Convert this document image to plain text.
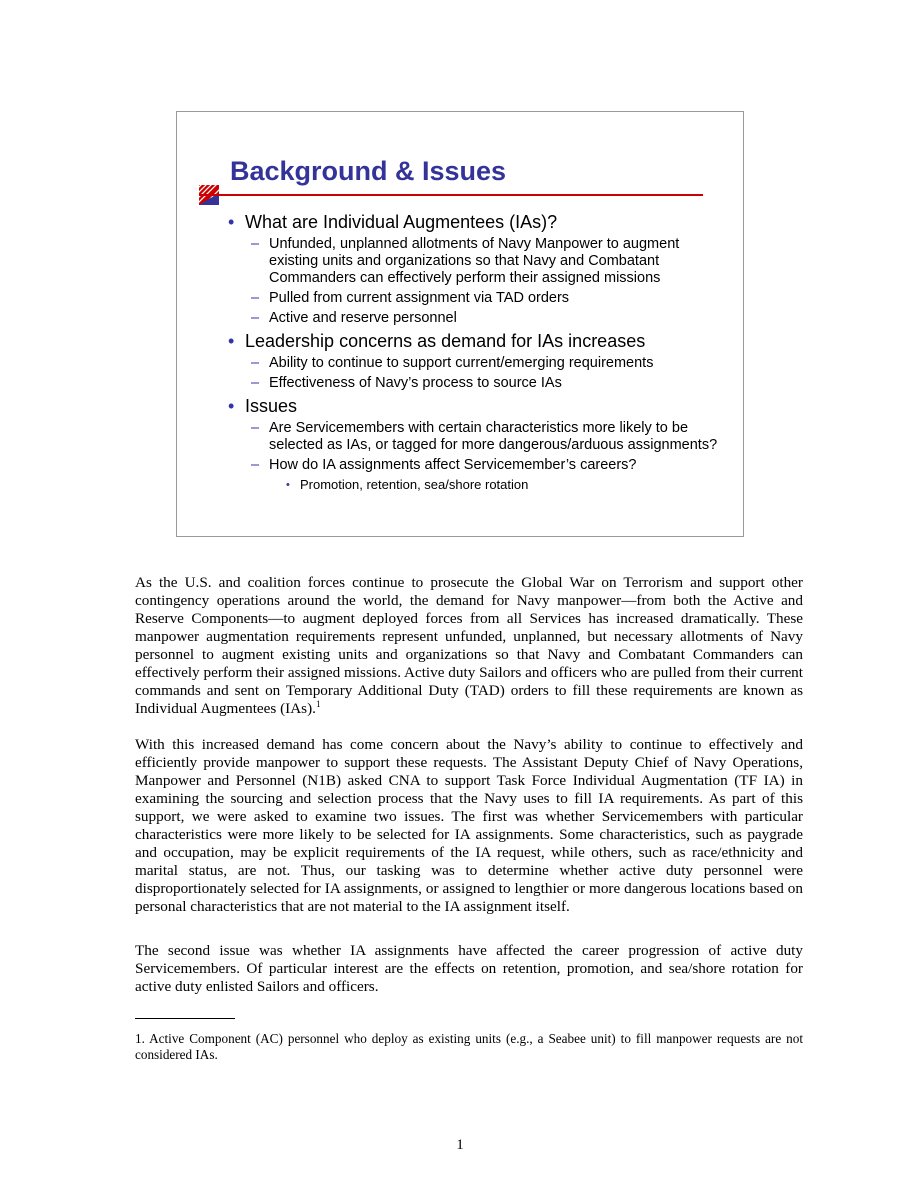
Background & Issues
• What are Individual Augmentees (IAs)?
– Unfunded, unplanned allotments of Navy Manpower to augment existing units and organizations so that Navy and Combatant Commanders can effectively perform their assigned missions
– Pulled from current assignment via TAD orders
– Active and reserve personnel
• Leadership concerns as demand for IAs increases
– Ability to continue to support current/emerging requirements
– Effectiveness of Navy’s process to source IAs
• Issues
– Are Servicemembers with certain characteristics more likely to be selected as IAs, or tagged for more dangerous/arduous assignments?
– How do IA assignments affect Servicemember’s careers?
• Promotion, retention, sea/shore rotation
As the U.S. and coalition forces continue to prosecute the Global War on Terrorism and support other contingency operations around the world, the demand for Navy manpower—from both the Active and Reserve Components—to augment deployed forces from all Services has increased dramatically. These manpower augmentation requirements represent unfunded, unplanned, but necessary allotments of Navy personnel to augment existing units and organizations so that Navy and Combatant Commanders can effectively perform their assigned missions. Active duty Sailors and officers who are pulled from their current commands and sent on Temporary Additional Duty (TAD) orders to fill these requirements are known as Individual Augmentees (IAs).$^1$
With this increased demand has come concern about the Navy’s ability to continue to effectively and efficiently provide manpower to support these requests. The Assistant Deputy Chief of Navy Operations, Manpower and Personnel (N1B) asked CNA to support Task Force Individual Augmentation (TF IA) in examining the sourcing and selection process that the Navy uses to fill IA requirements. As part of this support, we were asked to examine two issues. The first was whether Servicemembers with particular characteristics were more likely to be selected for IA assignments. Some characteristics, such as paygrade and occupation, may be explicit requirements of the IA request, while others, such as race/ethnicity and marital status, are not. Thus, our tasking was to determine whether active duty personnel were disproportionately selected for IA assignments, or assigned to lengthier or more dangerous locations based on personal characteristics that are not material to the IA assignment itself.
The second issue was whether IA assignments have affected the career progression of active duty Servicemembers. Of particular interest are the effects on retention, promotion, and sea/shore rotation for active duty enlisted Sailors and officers.
1. Active Component (AC) personnel who deploy as existing units (e.g., a Seabee unit) to fill manpower requests are not considered IAs.
1
